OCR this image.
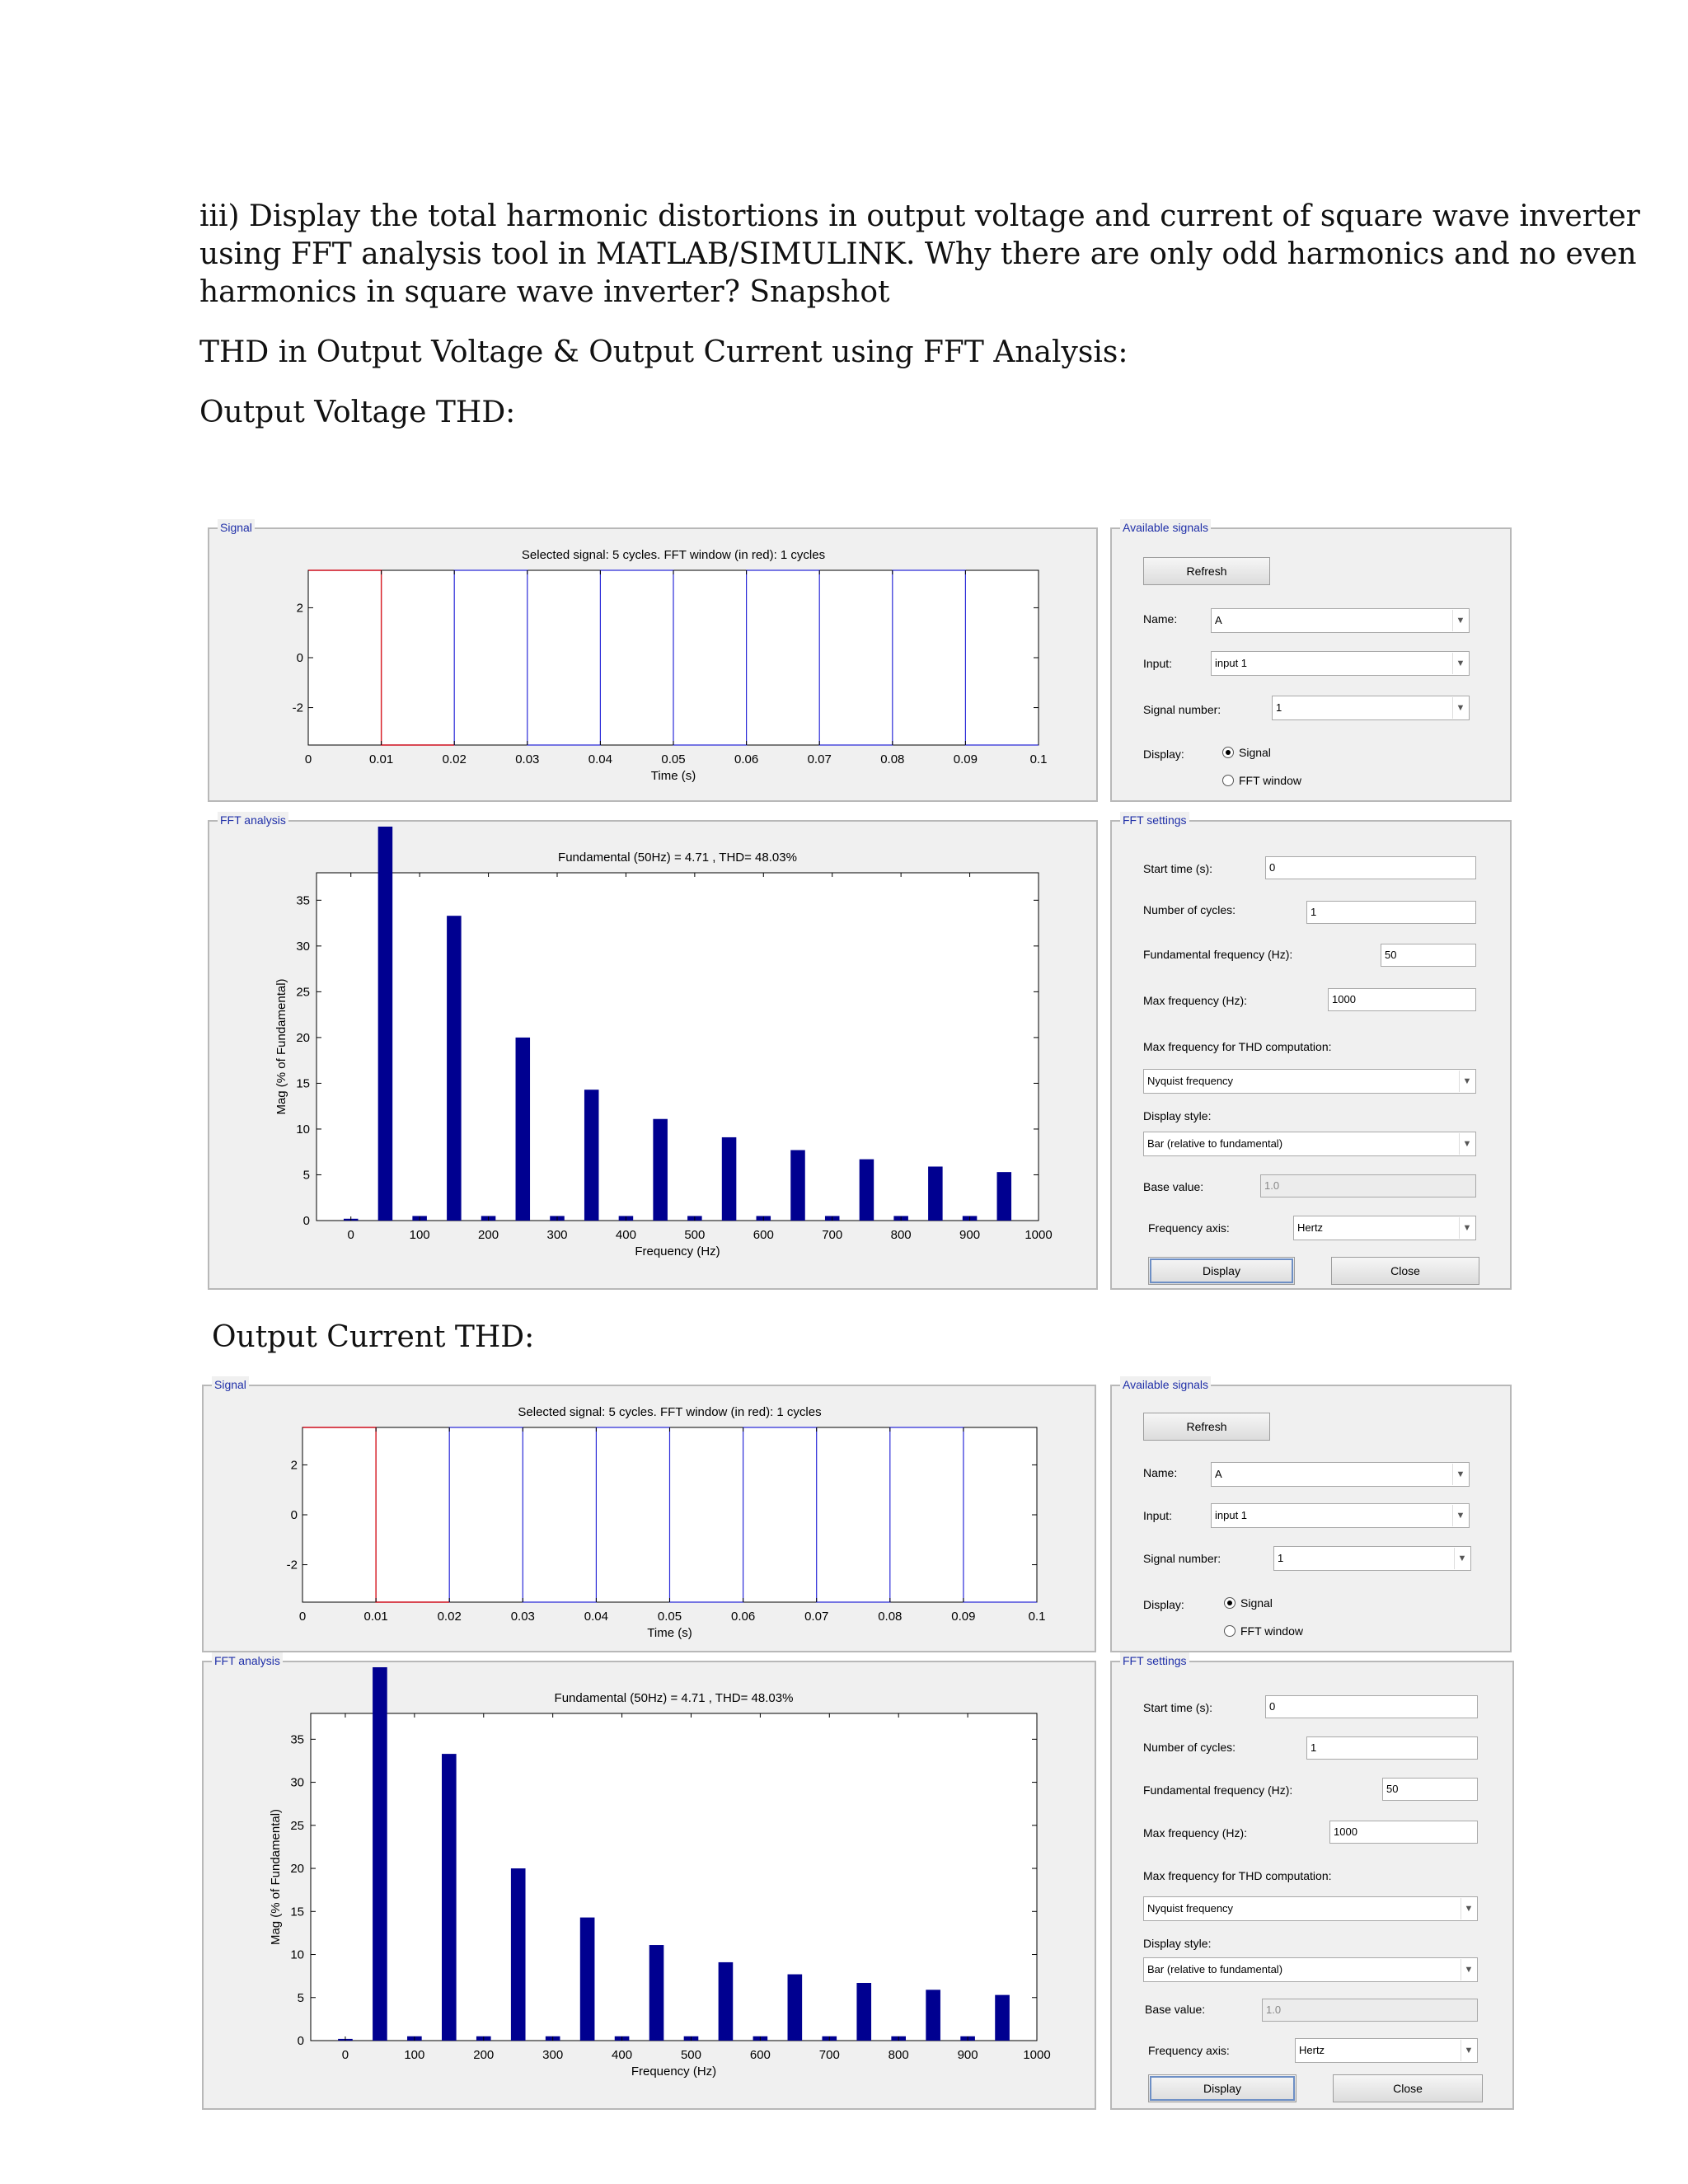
iii) Display the total harmonic distortions in output voltage and current of square wave inverter
using FFT analysis tool in MATLAB/SIMULINK. Why there are only odd harmonics and no even
harmonics in square wave inverter? Snapshot
THD in Output Voltage & Output Current using FFT Analysis:
Output Voltage THD:
Output Current THD:
Signal
Selected signal: 5 cycles. FFT window (in red): 1 cycles
0	0.01	0.02	0.03	0.04	0.05	0.06	0.07	0.08	0.09	0.1
Time (s)
2
0
-2
FFT analysis
Fundamental (50Hz) = 4.71 , THD= 48.03%
0	100	200	300	400	500	600	700	800	900	1000
Frequency (Hz)
35
30
25
20
15
10
5
0
Mag (% of Fundamental)
Available signals
Refresh
Name:	A	▼
Input:	input 1	▼
Signal number:	1	▼
Display:	Signal
FFT window
FFT settings
Start time (s):	0
Number of cycles:	1
Fundamental frequency (Hz):	50
Max frequency (Hz):	1000
Max frequency for THD computation:
Nyquist frequency	▼
Display style:
Bar (relative to fundamental)	▼
Base value:	1.0
Frequency axis:	Hertz	▼
Display	Close
Signal
Selected signal: 5 cycles. FFT window (in red): 1 cycles
0	0.01	0.02	0.03	0.04	0.05	0.06	0.07	0.08	0.09	0.1
Time (s)
2
0
-2
FFT analysis
Fundamental (50Hz) = 4.71 , THD= 48.03%
0	100	200	300	400	500	600	700	800	900	1000
Frequency (Hz)
35
30
25
20
15
10
5
0
Mag (% of Fundamental)
Available signals
Refresh
Name:	A	▼
Input:	input 1	▼
Signal number:	1	▼
Display:	Signal
FFT window
FFT settings
Start time (s):	0
Number of cycles:	1
Fundamental frequency (Hz):	50
Max frequency (Hz):	1000
Max frequency for THD computation:
Nyquist frequency	▼
Display style:
Bar (relative to fundamental)	▼
Base value:	1.0
Frequency axis:	Hertz	▼
Display	Close
